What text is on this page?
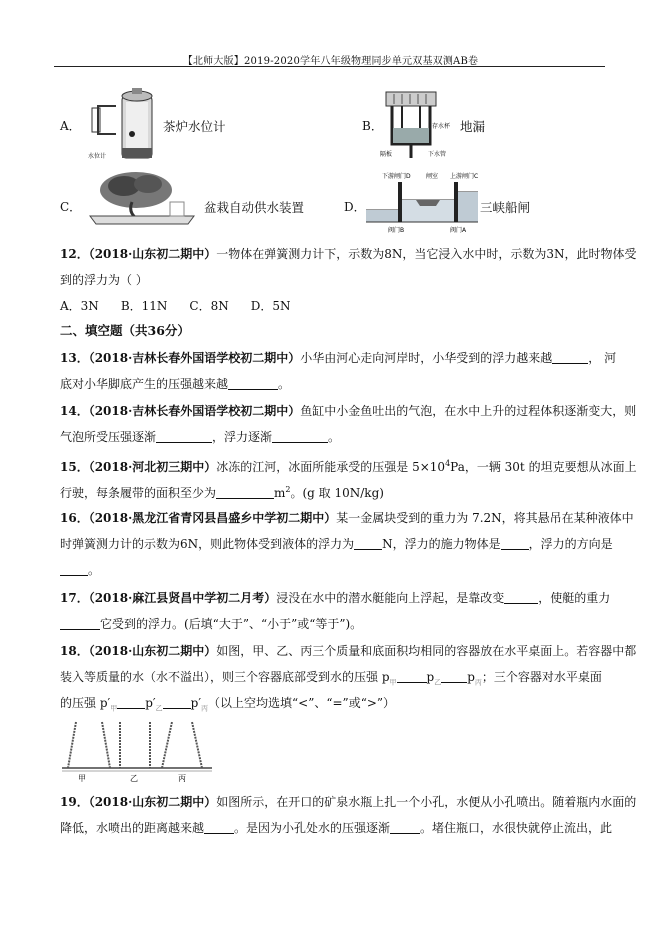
【北师大版】2019-2020学年八年级物理同步单元双基双测AB卷
A．
水位计
茶炉水位计	B．	存水杯
下水管
隔板
地漏
C．	盆栽自动供水装置	D．
下游闸门D	闸室 上游闸门C
阀门B	阀门A
三峡船闸
12．（2018·山东初二期中）一物体在弹簧测力计下，示数为8N，当它浸入水中时，示数为3N，此时物体受
到的浮力为（ ）
A．3N B．11N C．8N D．5N
二、填空题（共36分）
13．（2018·吉林长春外国语学校初二期中）小华由河心走向河岸时，小华受到的浮力越来越	， 河
底对小华脚底产生的压强越来越	。
14．（2018·吉林长春外国语学校初二期中）鱼缸中小金鱼吐出的气泡，在水中上升的过程体积逐渐变大，则
气泡所受压强逐渐	，浮力逐渐	。
15．（2018·河北初三期中）冰冻的江河，冰面所能承受的压强是 $5\times 10^4Pa$，一辆 30t 的坦克要想从冰面上
行驶，每条履带的面积至少为	$m^2$。(g 取 10N/kg)
16．（2018·黑龙江省青冈县昌盛乡中学初二期中）某一金属块受到的重力为 7.2N，将其悬吊在某种液体中
时弹簧测力计的示数为6N，则此物体受到液体的浮力为 N，浮力的施力物体是 ，浮力的方向是
。
17．（2018·麻江县贤昌中学初二月考）浸没在水中的潜水艇能向上浮起，是靠改变	，使艇的重力
它受到的浮力。(后填“大于”、“小于”或“等于”)。
18．（2018·山东初二期中）如图，甲、乙、丙三个质量和底面积均相同的容器放在水平桌面上。若容器中都
装入等质量的水（水不溢出），则三个容器底部受到水的压强 $p_甲$	$p_乙$ $p_丙$；三个容器对水平桌面
的压强 $p'_甲$ $p'_乙$ $p'_丙$（以上空均选填“<”、“=”或“>”）
甲	乙	丙
19．（2018·山东初二期中）如图所示，在开口的矿泉水瓶上扎一个小孔，水便从小孔喷出。随着瓶内水面的
降低，水喷出的距离越来越	。是因为小孔处水的压强逐渐	。堵住瓶口，水很快就停止流出，此
